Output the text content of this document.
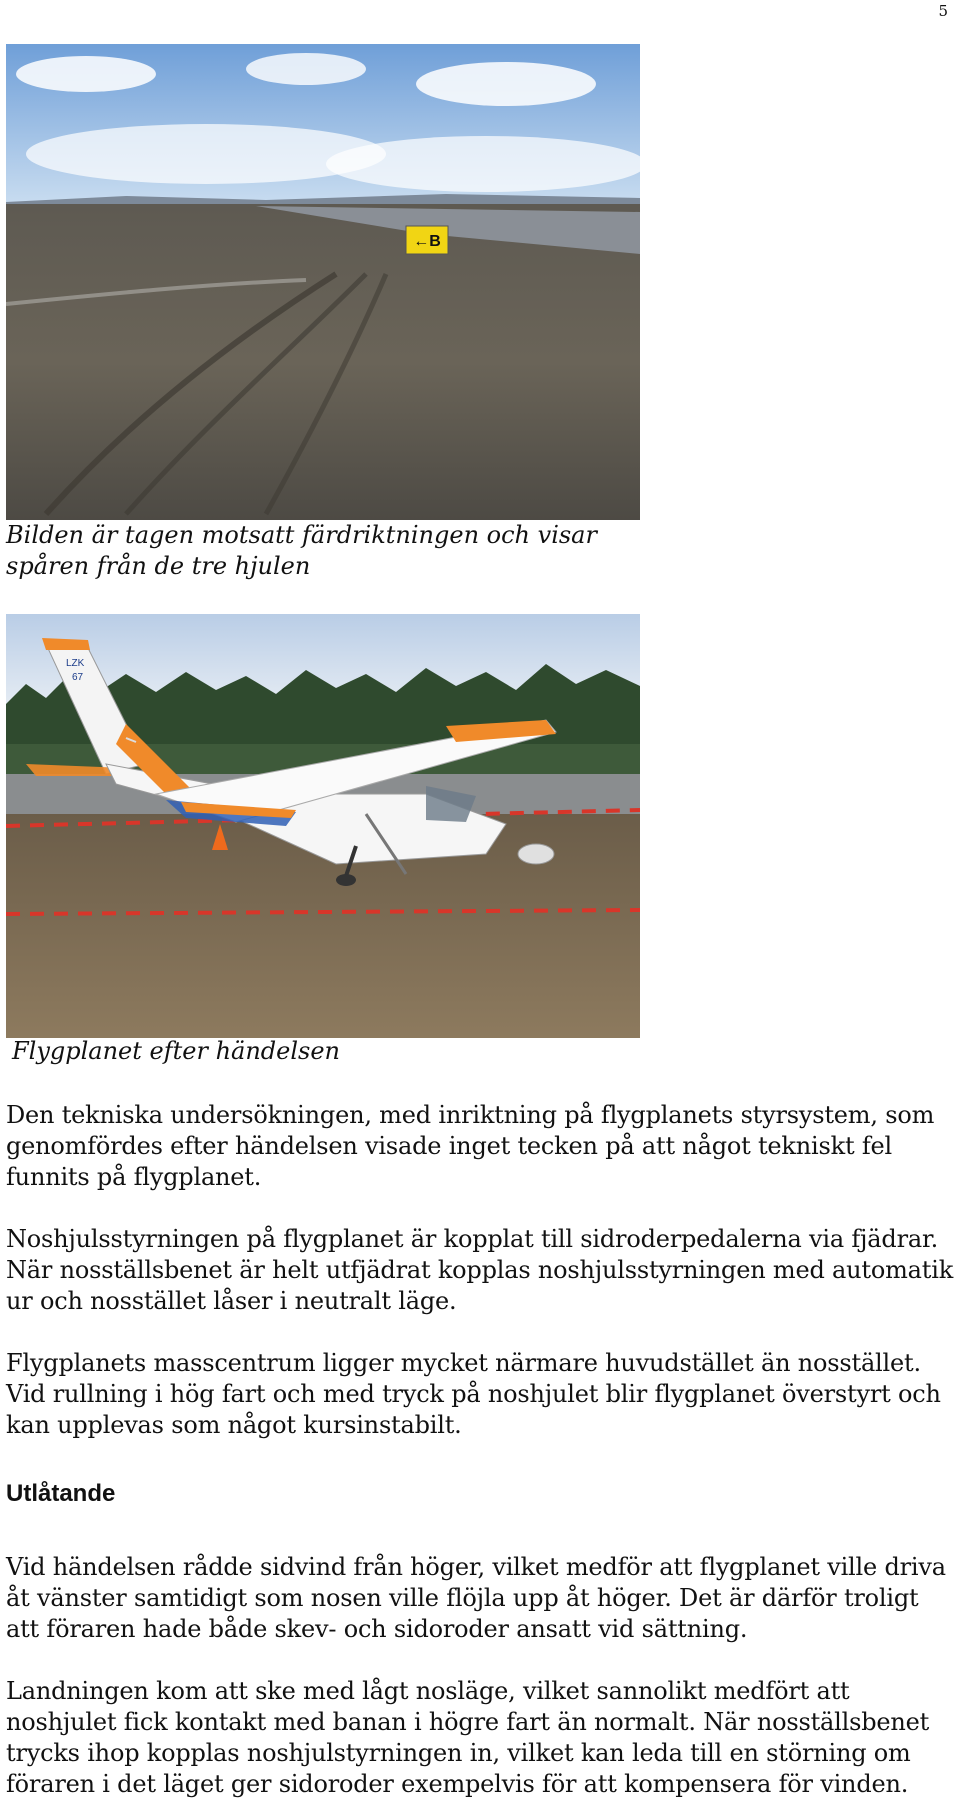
5
←B
Bilden är tagen motsatt färdriktningen och visar
spåren från de tre hjulen
LZK
67
Flygplanet efter händelsen

Den tekniska undersökningen, med inriktning på flygplanets styrsystem, som genomfördes efter händelsen visade inget tecken på att något tekniskt fel funnits på flygplanet.

Noshjulsstyrningen på flygplanet är kopplat till sidroderpedalerna via fjädrar. När nosställsbenet är helt utfjädrat kopplas noshjulsstyrningen med automatik ur och nosstället låser i neutralt läge.

Flygplanets masscentrum ligger mycket närmare huvudstället än nosstället. Vid rullning i hög fart och med tryck på noshjulet blir flygplanet överstyrt och kan upplevas som något kursinstabilt.

Utlåtande

Vid händelsen rådde sidvind från höger, vilket medför att flygplanet ville driva åt vänster samtidigt som nosen ville flöjla upp åt höger. Det är därför troligt att föraren hade både skev- och sidoroder ansatt vid sättning.

Landningen kom att ske med lågt nosläge, vilket sannolikt medfört att noshjulet fick kontakt med banan i högre fart än normalt. När nosställsbenet trycks ihop kopplas noshjulstyrningen in, vilket kan leda till en störning om föraren i det läget ger sidoroder exempelvis för att kompensera för vinden.
